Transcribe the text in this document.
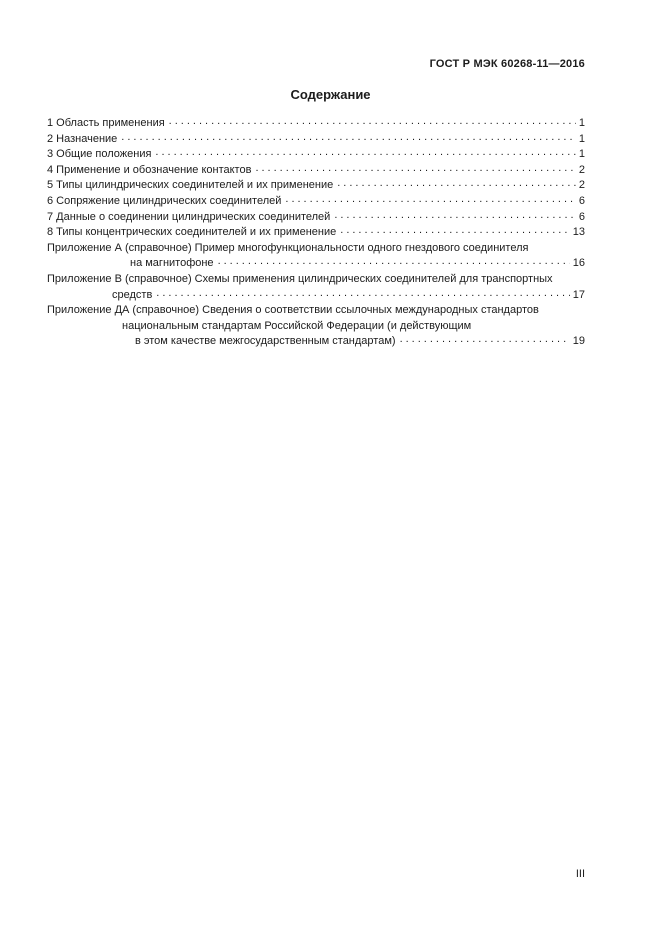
ГОСТ Р МЭК 60268-11—2016
Содержание
1 Область применения .....	1
2 Назначение .....	1
3 Общие положения .....	1
4 Применение и обозначение контактов .....	2
5 Типы цилиндрических соединителей и их применение .....	2
6 Сопряжение цилиндрических соединителей .....	6
7 Данные о соединении цилиндрических соединителей .....	6
8 Типы концентрических соединителей и их применение .....	13
Приложение А (справочное) Пример многофункциональности одного гнездового соединителя
на магнитофоне .....	16
Приложение В (справочное) Схемы применения цилиндрических соединителей для транспортных
средств .....	17
Приложение ДА (справочное) Сведения о соответствии ссылочных международных стандартов
национальным стандартам Российской Федерации (и действующим
в этом качестве межгосударственным стандартам) .....	19
III
